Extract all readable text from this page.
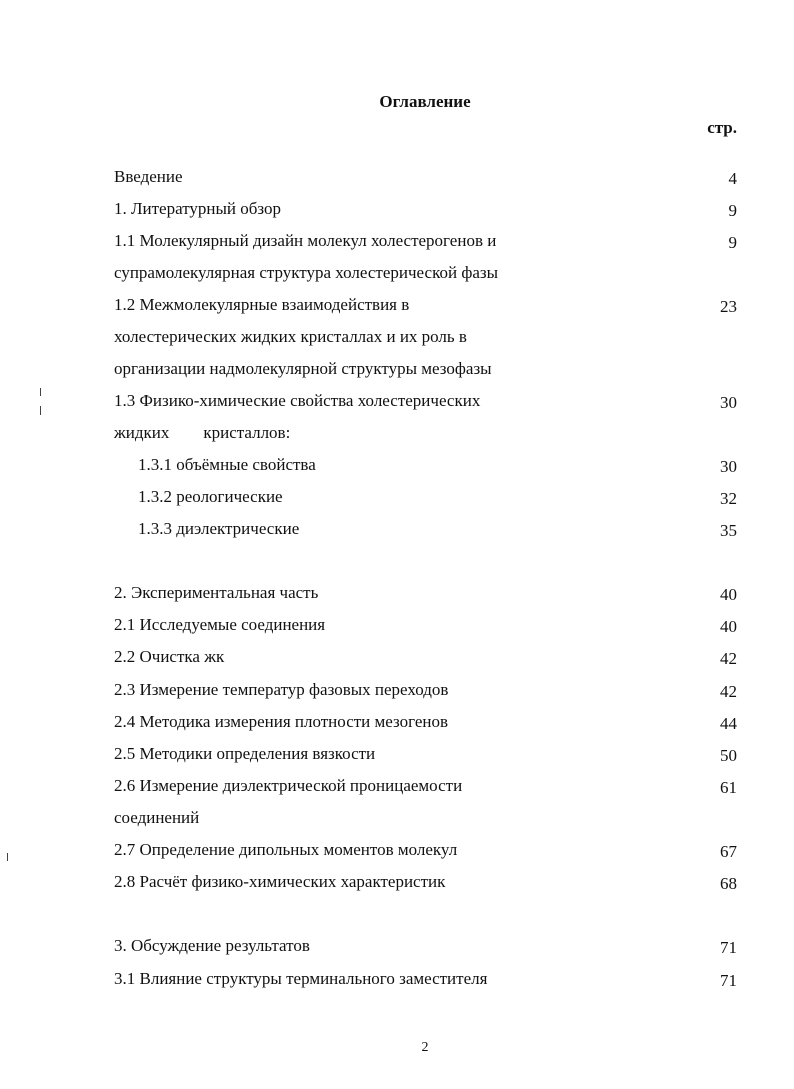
Оглавление
стр.
Введение	4
1. Литературный обзор	9
1.1 Молекулярный дизайн молекул холестерогенов и	9
супрамолекулярная структура холестерической фазы
1.2 Межмолекулярные взаимодействия в	23
холестерических жидких кристаллах и их роль в
организации надмолекулярной структуры мезофазы
1.3 Физико-химические свойства холестерических	30
жидких        кристаллов:
1.3.1 объёмные свойства	30
1.3.2 реологические	32
1.3.3 диэлектрические	35
2. Экспериментальная часть	40
2.1 Исследуемые соединения	40
2.2 Очистка жк	42
2.3 Измерение температур фазовых переходов	42
2.4 Методика измерения плотности мезогенов	44
2.5 Методики определения вязкости	50
2.6 Измерение диэлектрической проницаемости	61
соединений
2.7 Определение дипольных моментов молекул	67
2.8 Расчёт физико-химических характеристик	68
3. Обсуждение результатов	71
3.1 Влияние структуры терминального заместителя	71
2
